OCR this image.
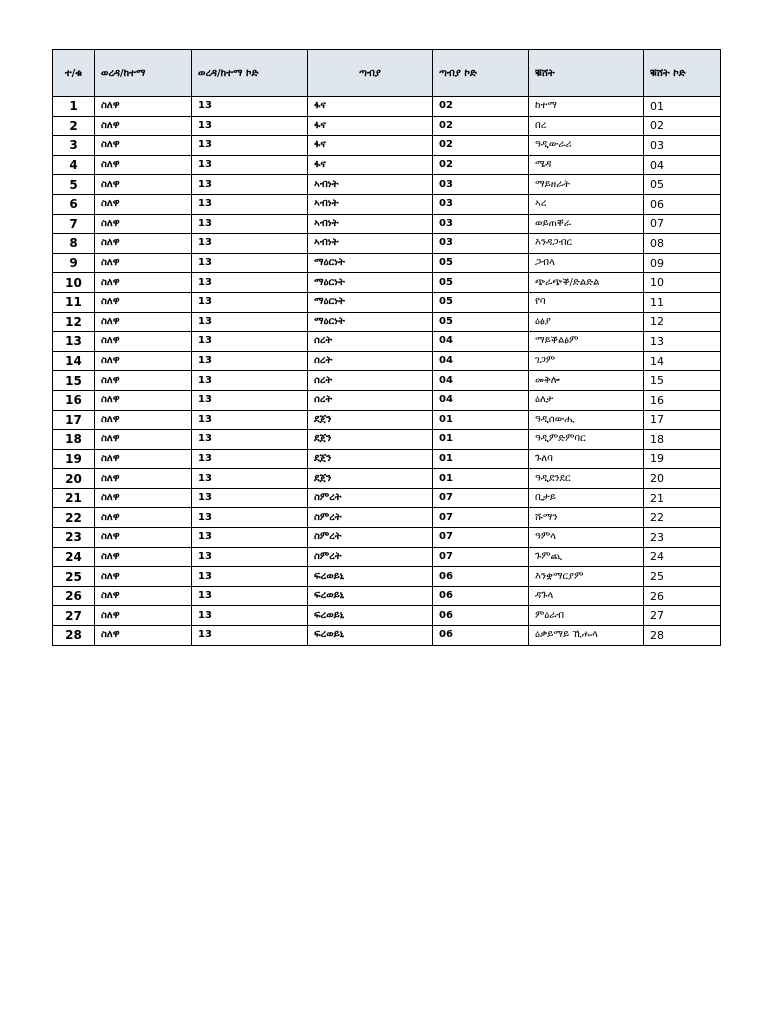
ተ/ቁ	ወረዳ/ከተማ	ወረዳ/ከተማ ኮድ	ጣብያ	ጣብያ ኮድ	ቑሸት	ቑሸት ኮድ
1	ስለዋ	13	ፋና	02	ከተማ	01
2	ስለዋ	13	ፋና	02	በረ	02
3	ስለዋ	13	ፋና	02	ዓዲውራሪ	03
4	ስለዋ	13	ፋና	02	ሜዳ	04
5	ስለዋ	13	ኣብነት	03	ማይዘራት	05
6	ስለዋ	13	ኣብነት	03	ኣረ	06
7	ስለዋ	13	ኣብነት	03	ወይጠቐራ	07
8	ስለዋ	13	ኣብነት	03	እንዳጋብር	08
9	ስለዋ	13	ማዕርነት	05	ጋብላ	09
10	ስለዋ	13	ማዕርነት	05	ጭራጭቕ/ድልድል	10
11	ስለዋ	13	ማዕርነት	05	የባ	11
12	ስለዋ	13	ማዕርነት	05	ዕፅያ	12
13	ስለዋ	13	ሰረት	04	ማይቕልፅም	13
14	ስለዋ	13	ሰረት	04	ገጋም	14
15	ስለዋ	13	ሰረት	04	መቅሎ	15
16	ስለዋ	13	ሰረት	04	ዕለታ	16
17	ስለዋ	13	ደጀን	01	ዓዲሰውሒ	17
18	ስለዋ	13	ደጀን	01	ዓዲምድምባር	18
19	ስለዋ	13	ደጀን	01	ጉለባ	19
20	ስለዋ	13	ደጀን	01	ዓዲደንደር	20
21	ስለዋ	13	ስምረት	07	ቢታይ	21
22	ስለዋ	13	ስምረት	07	ሹማን	22
23	ስለዋ	13	ስምረት	07	ዓምላ	23
24	ስለዋ	13	ስምረት	07	ጉምጪ	24
25	ስለዋ	13	ፍረወይኒ	06	እንቋማርያም	25
26	ስለዋ	13	ፍረወይኒ	06	ዳጉላ	26
27	ስለዋ	13	ፍረወይኒ	06	ምዕራብ	27
28	ስለዋ	13	ፍረወይኒ	06	ዕቃይማይ ኺሑላ	28
